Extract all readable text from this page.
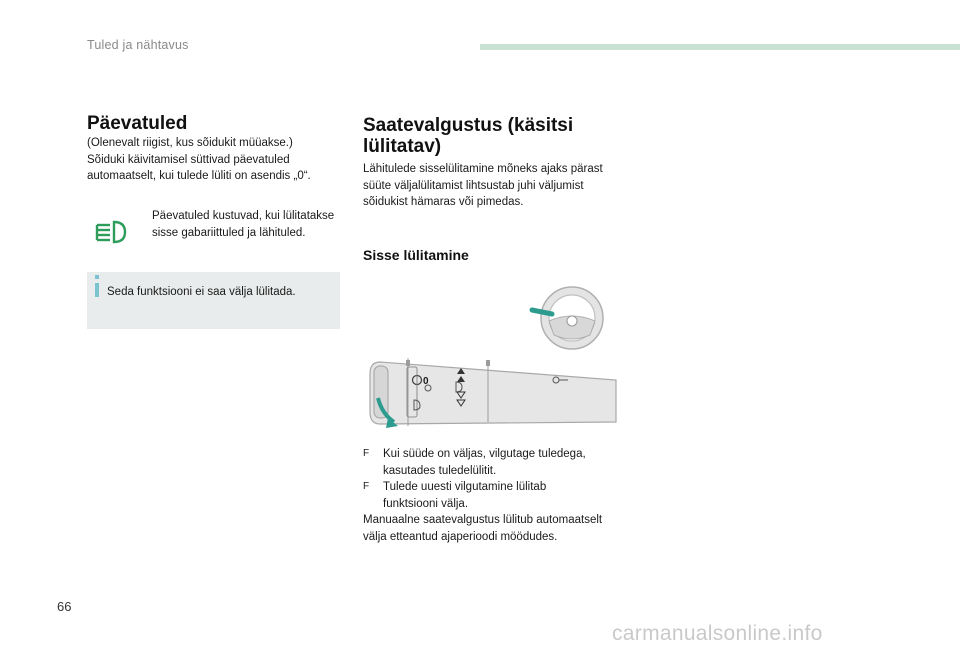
Tuled ja nähtavus
Päevatuled
(Olenevalt riigist, kus sõidukit müüakse.)
Sõiduki käivitamisel süttivad päevatuled
automaatselt, kui tulede lüliti on asendis „0“.
Päevatuled kustuvad, kui lülitatakse
sisse gabariittuled ja lähituled.
Seda funktsiooni ei saa välja lülitada.
Saatevalgustus (käsitsi
lülitatav)
Lähitulede sisselülitamine mõneks ajaks pärast
süüte väljalülitamist lihtsustab juhi väljumist
sõidukist hämaras või pimedas.
Sisse lülitamine
0
F	Kui süüde on väljas, vilgutage tuledega,
kasutades tuledelülitit.
F	Tulede uuesti vilgutamine lülitab
funktsiooni välja.
Manuaalne saatevalgustus lülitub automaatselt
välja etteantud ajaperioodi möödudes.
66
carmanualsonline.info
